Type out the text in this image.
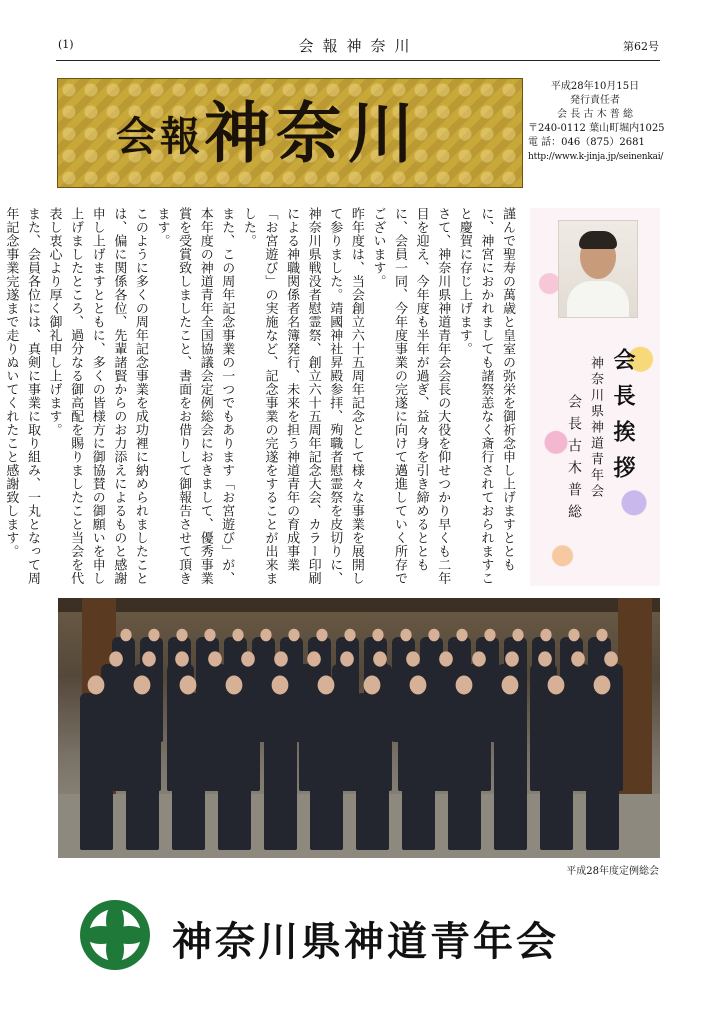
(1)	会報神奈川	第62号
会報神奈川
平成28年10月15日
発行責任者
会 長 古 木 普 総
〒240-0112 葉山町堀内1025
電 話：046（875）2681
http://www.k-jinja.jp/seinenkai/
謹んで聖寿の萬歳と皇室の弥栄を御祈念申し上げますとともに、神宮におかれましても諸祭恙なく斎行されておられますこと慶賀に存じ上げます。
さて、神奈川県神道青年会会長の大役を仰せつかり早くも二年目を迎え、今年度も半年が過ぎ、益々身を引き締めるとともに、会員一同、今年度事業の完遂に向けて邁進していく所存でございます。
昨年度は、当会創立六十五周年記念として様々な事業を展開して参りました。靖國神社昇殿参拝、殉職者慰霊祭を皮切りに、神奈川県戦没者慰霊祭、創立六十五周年記念大会、カラー印刷による神職関係者名簿発行、未来を担う神道青年の育成事業「お宮遊び」の実施など、記念事業の完遂をすることが出来ました。
また、この周年記念事業の一つでもあります「お宮遊び」が、本年度の神道青年全国協議会定例総会におきまして、優秀事業賞を受賞致しましたこと、書面をお借りして御報告させて頂きます。
このように多くの周年記念事業を成功裡に納められましたことは、偏に関係各位、先輩諸賢からのお力添えによるものと感謝申し上げますとともに、多くの皆様方に御協賛の御願いを申し上げましたところ、過分なる御高配を賜りましたこと当会を代表し衷心より厚く御礼申し上げます。
また、会員各位には、真剣に事業に取り組み、一丸となって周年記念事業完遂まで走りぬいてくれたこと感謝致します。	会長挨拶
神奈川県神道青年会
会長古木普総
平成28年度定例総会
神奈川県神道青年会
